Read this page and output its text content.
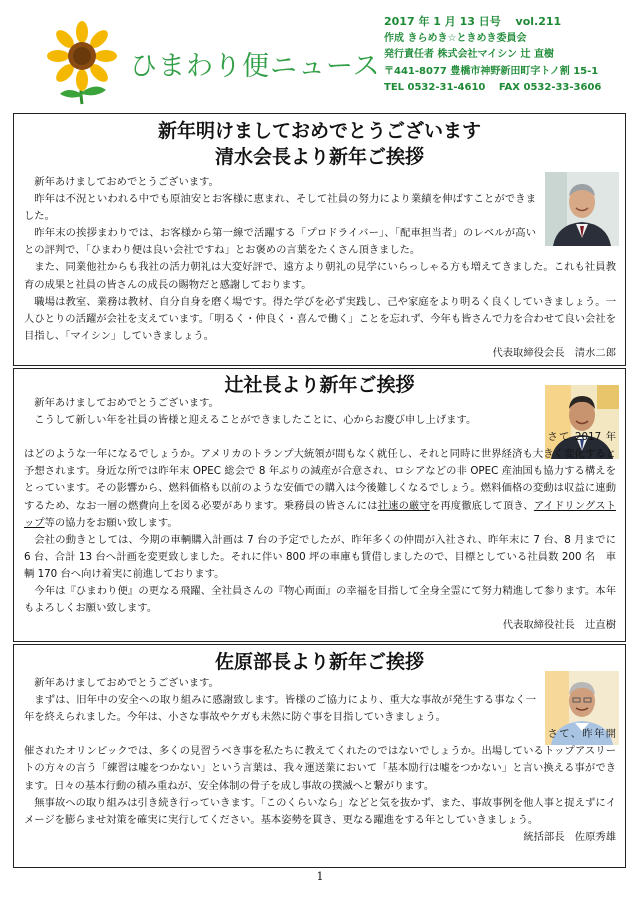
ひまわり便ニュース
2017 年 1 月 13 日号　 vol.211
作成 きらめき☆ときめき委員会
発行責任者 株式会社マイシン 辻 直樹
〒441-8077 豊橋市神野新田町字トノ割 15-1
TEL 0532-31-4610　 FAX 0532-33-3606
新年明けましておめでとうございます
清水会長より新年ご挨拶

新年あけましておめでとうございます。

昨年は不況といわれる中でも原油安とお客様に恵まれ、そして社員の努力により業績を伸ばすことができました。

昨年末の挨拶まわりでは、お客様から第一線で活躍する「プロドライバー」、「配車担当者」のレベルが高いとの評判で、「ひまわり便は良い会社ですね」とお褒めの言葉をたくさん頂きました。

また、同業他社からも我社の活力朝礼は大変好評で、遠方より朝礼の見学にいらっしゃる方も増えてきました。これも社員教育の成果と社員の皆さんの成長の賜物だと感謝しております。

職場は教室、業務は教材、自分自身を磨く場です。得た学びを必ず実践し、己や家庭をより明るく良くしていきましょう。一人ひとりの活躍が会社を支えています。「明るく・仲良く・喜んで働く」ことを忘れず、今年も皆さんで力を合わせて良い会社を目指し、「マイシン」していきましょう。

代表取締役会長　清水二郎
辻社長より新年ご挨拶

新年あけましておめでとうございます。

こうして新しい年を社員の皆様と迎えることができましたことに、心からお慶び申し上げます。

さて 2017 年はどのような一年になるでしょうか。アメリカのトランプ大統領が間もなく就任し、それと同時に世界経済も大きく変化すると予想されます。身近な所では昨年末 OPEC 総会で 8 年ぶりの減産が合意され、ロシアなどの非 OPEC 産油国も協力する構えをとっています。その影響から、燃料価格も以前のような安価での購入は今後難しくなるでしょう。燃料価格の変動は収益に連動するため、なお一層の燃費向上を図る必要があります。乗務員の皆さんには社速の厳守を再度徹底して頂き、アイドリングストップ等の協力をお願い致します。

会社の動きとしては、今期の車輌購入計画は 7 台の予定でしたが、昨年多くの仲間が入社され、昨年末に 7 台、8 月までに 6 台、合計 13 台へ計画を変更致しました。それに伴い 800 坪の車庫も賃借しましたので、目標としている社員数 200 名　車輌 170 台へ向け着実に前進しております。

今年は『ひまわり便』の更なる飛躍、全社員さんの『物心両面』の幸福を目指して全身全霊にて努力精進して参ります。本年もよろしくお願い致します。

代表取締役社長　辻直樹
佐原部長より新年ご挨拶

新年あけましておめでとうございます。

まずは、旧年中の安全への取り組みに感謝致します。皆様のご協力により、重大な事故が発生する事なく一年を終えられました。今年は、小さな事故やケガも未然に防ぐ事を目指していきましょう。

さて、昨年開催されたオリンピックでは、多くの見習うべき事を私たちに教えてくれたのではないでしょうか。出場しているトップアスリートの方々の言う「練習は嘘をつかない」という言葉は、我々運送業において「基本励行は嘘をつかない」と言い換える事ができます。日々の基本行動の積み重ねが、安全体制の骨子を成し事故の撲滅へと繋がります。

無事故への取り組みは引き続き行っていきます。「このくらいなら」などと気を抜かず、また、事故事例を他人事と捉えずにイメージを膨らませ対策を確実に実行してください。基本姿勢を貫き、更なる躍進をする年としていきましょう。

統括部長　佐原秀雄
1
